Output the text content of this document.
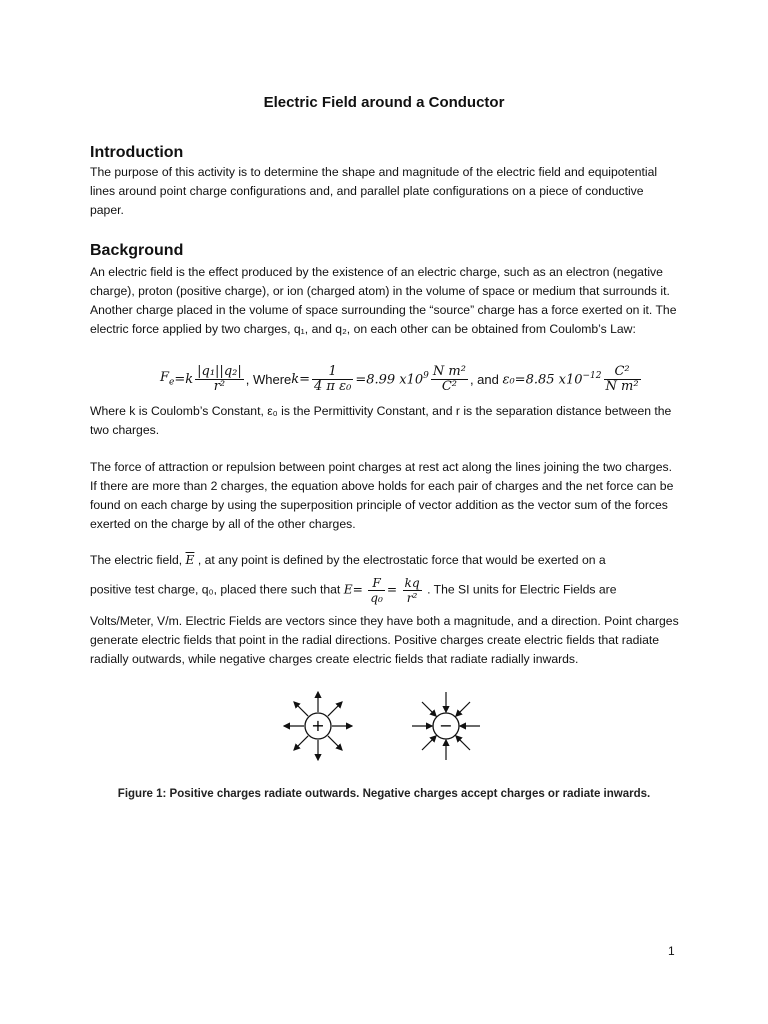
Electric Field around a Conductor
Introduction
The purpose of this activity is to determine the shape and magnitude of the electric field and equipotential lines around point charge configurations and, and parallel plate configurations on a piece of conductive paper.
Background
An electric field is the effect produced by the existence of an electric charge, such as an electron (negative charge), proton (positive charge), or ion (charged atom) in the volume of space or medium that surrounds it. Another charge placed in the volume of space surrounding the “source” charge has a force exerted on it. The electric force applied by two charges, q₁, and q₂, on each other can be obtained from Coulomb’s Law:
$F_e =k \frac{\text{|q₁||q₂|}}{\text{r²}}$ , Where $k= \frac{1}{\text{4 π ε₀}} =8.99$ $x10^9 \frac{\text{N m²}}{\text{C²}}$ , and
ε₀=8.85 $x10^{-12} \frac{\text{C²}}{\text{N m²}}$
Where k is Coulomb’s Constant, ε₀ is the Permittivity Constant, and r is the separation distance between the two charges.
The force of attraction or repulsion between point charges at rest act along the lines joining the two charges. If there are more than 2 charges, the equation above holds for each pair of charges and the net force can be found on each charge by using the superposition principle of vector addition as the vector sum of the forces exerted on the charge by all of the other charges.
The electric field, $\overline{E}$ , at any point is defined by the electrostatic force that would be exerted on a
positive test charge, q₀, placed there such that $E= \frac{F}{\text{q₀}} = \frac{kq}{\text{r²}}$ . The SI units for Electric Fields are
Volts/Meter, V/m. Electric Fields are vectors since they have both a magnitude, and a direction. Point charges generate electric fields that point in the radial directions. Positive charges create electric fields that radiate radially outwards, while negative charges create electric fields that radiate radially inwards.
+	−
Figure 1: Positive charges radiate outwards. Negative charges accept charges or radiate inwards.
1
